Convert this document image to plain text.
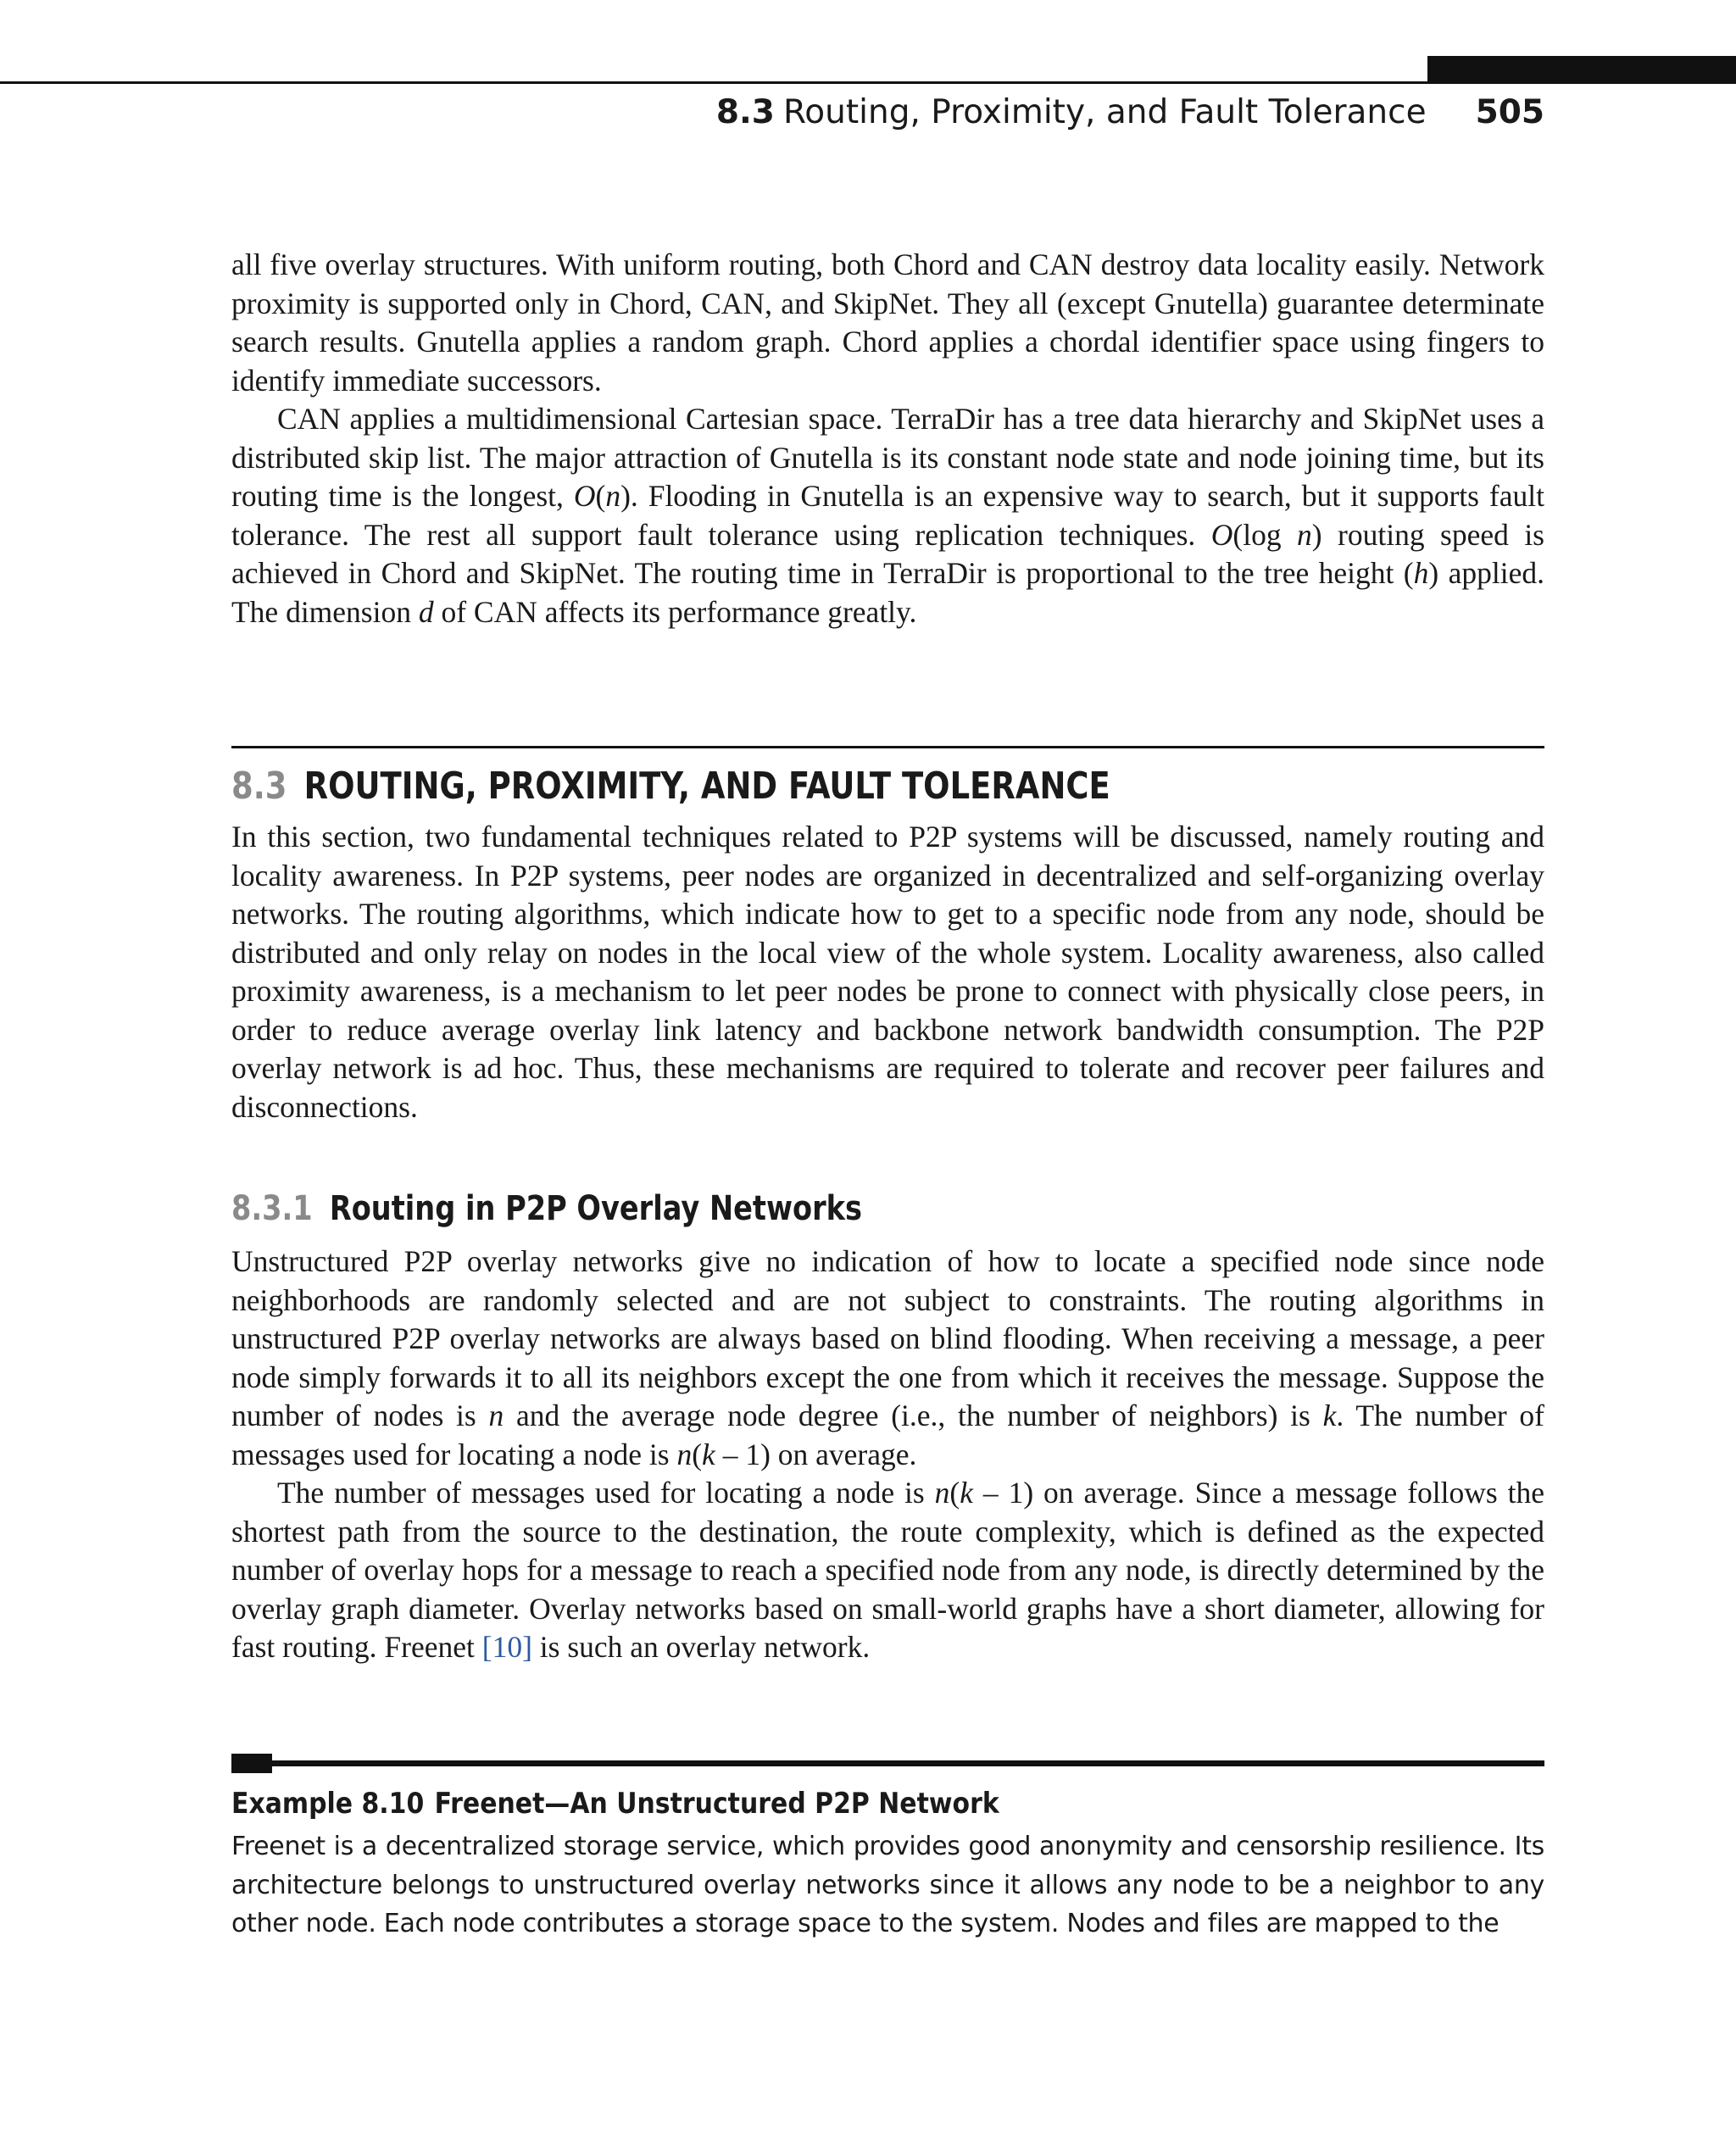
8.3 Routing, Proximity, and Fault Tolerance 505

all five overlay structures. With uniform routing, both Chord and CAN destroy data locality easily. Network proximity is supported only in Chord, CAN, and SkipNet. They all (except Gnutella) guarantee determinate search results. Gnutella applies a random graph. Chord applies a chordal identifier space using fingers to identify immediate successors.

CAN applies a multidimensional Cartesian space. TerraDir has a tree data hierarchy and SkipNet uses a distributed skip list. The major attraction of Gnutella is its constant node state and node joining time, but its routing time is the longest, O(n). Flooding in Gnutella is an expensive way to search, but it supports fault tolerance. The rest all support fault tolerance using replication techniques. O(log n) routing speed is achieved in Chord and SkipNet. The routing time in TerraDir is proportional to the tree height (h) applied. The dimension d of CAN affects its performance greatly.

8.3 ROUTING, PROXIMITY, AND FAULT TOLERANCE

In this section, two fundamental techniques related to P2P systems will be discussed, namely routing and locality awareness. In P2P systems, peer nodes are organized in decentralized and self-organizing overlay networks. The routing algorithms, which indicate how to get to a specific node from any node, should be distributed and only relay on nodes in the local view of the whole system. Locality awareness, also called proximity awareness, is a mechanism to let peer nodes be prone to connect with physically close peers, in order to reduce average overlay link latency and backbone network bandwidth consumption. The P2P overlay network is ad hoc. Thus, these mechanisms are required to tolerate and recover peer failures and disconnections.

8.3.1 Routing in P2P Overlay Networks

Unstructured P2P overlay networks give no indication of how to locate a specified node since node neighborhoods are randomly selected and are not subject to constraints. The routing algorithms in unstructured P2P overlay networks are always based on blind flooding. When receiving a message, a peer node simply forwards it to all its neighbors except the one from which it receives the message. Suppose the number of nodes is n and the average node degree (i.e., the number of neighbors) is k. The number of messages used for locating a node is n(k – 1) on average.

The number of messages used for locating a node is n(k – 1) on average. Since a message follows the shortest path from the source to the destination, the route complexity, which is defined as the expected number of overlay hops for a message to reach a specified node from any node, is directly determined by the overlay graph diameter. Overlay networks based on small-world graphs have a short diameter, allowing for fast routing. Freenet [10] is such an overlay network.

Example 8.10 Freenet—An Unstructured P2P Network

Freenet is a decentralized storage service, which provides good anonymity and censorship resilience. Its architecture belongs to unstructured overlay networks since it allows any node to be a neighbor to any other node. Each node contributes a storage space to the system. Nodes and files are mapped to the
